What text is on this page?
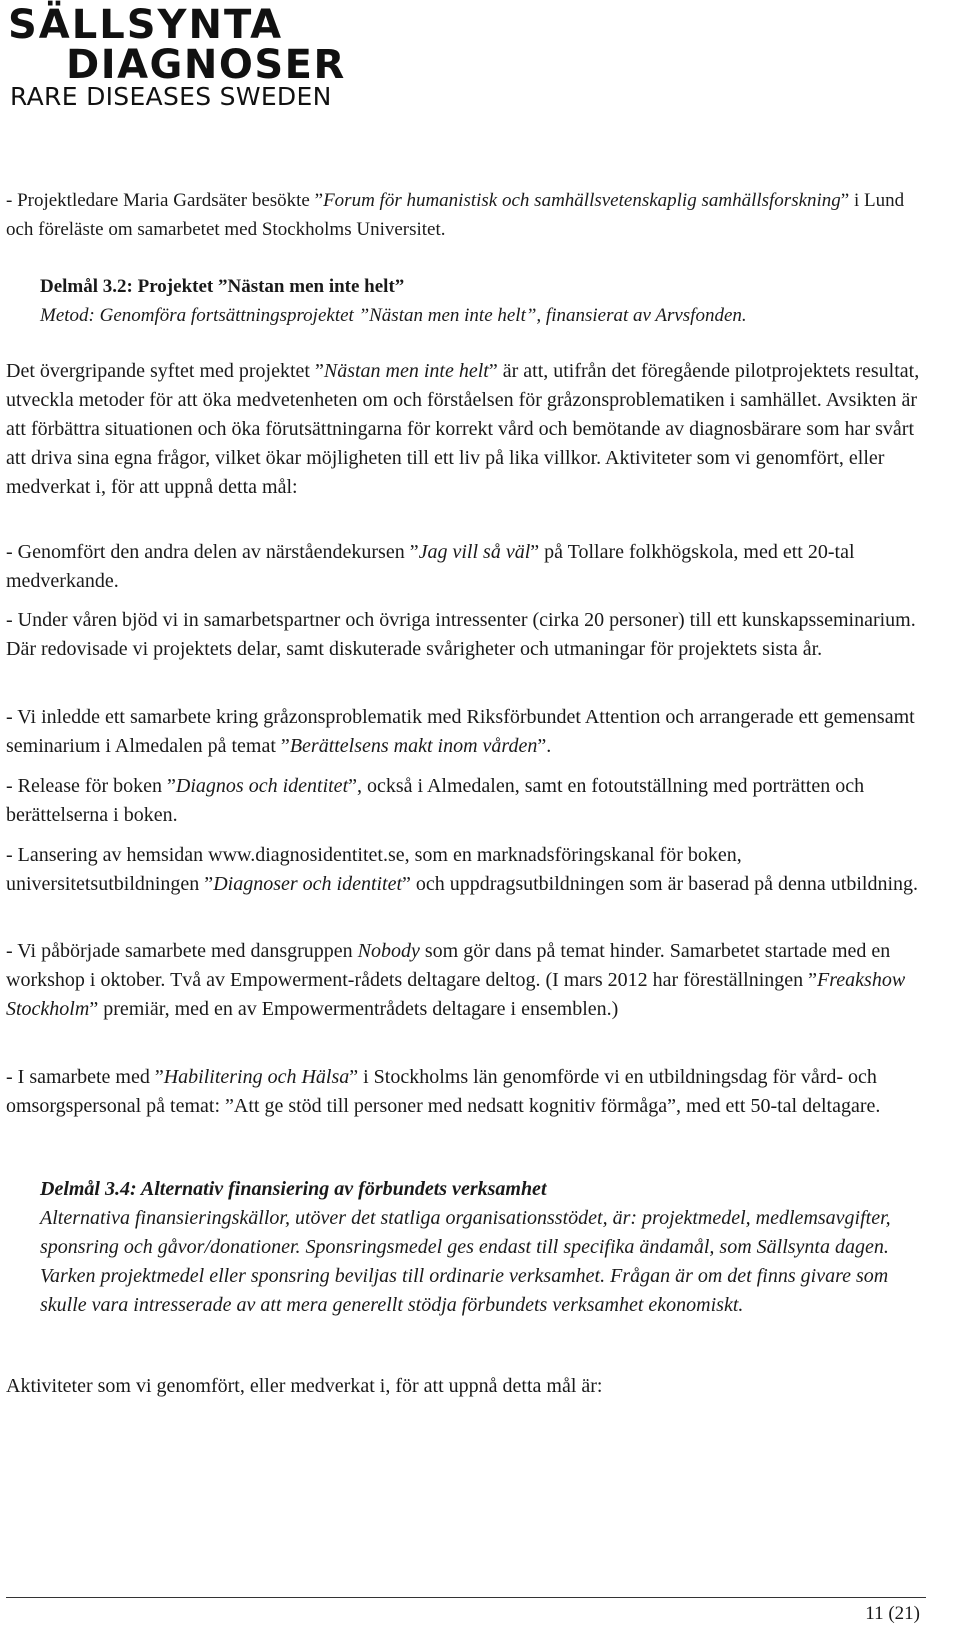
SÄLLSYNTA
DIAGNOSER
RARE DISEASES SWEDEN

- Projektledare Maria Gardsäter besökte ”Forum för humanistisk och samhällsvetenskaplig samhällsforskning” i Lund och föreläste om samarbetet med Stockholms Universitet.

Delmål 3.2: Projektet ”Nästan men inte helt”
Metod: Genomföra fortsättningsprojektet ”Nästan men inte helt”, finansierat av Arvsfonden.

Det övergripande syftet med projektet ”Nästan men inte helt” är att, utifrån det föregående pilotprojektets resultat, utveckla metoder för att öka medvetenheten om och förståelsen för gråzonsproblematiken i samhället. Avsikten är att förbättra situationen och öka förutsättningarna för korrekt vård och bemötande av diagnosbärare som har svårt att driva sina egna frågor, vilket ökar möjligheten till ett liv på lika villkor. Aktiviteter som vi genomfört, eller medverkat i, för att uppnå detta mål:

- Genomfört den andra delen av närståendekursen ”Jag vill så väl” på Tollare folkhögskola, med ett 20-tal medverkande.

- Under våren bjöd vi in samarbetspartner och övriga intressenter (cirka 20 personer) till ett kunskapsseminarium. Där redovisade vi projektets delar, samt diskuterade svårigheter och utmaningar för projektets sista år.

- Vi inledde ett samarbete kring gråzonsproblematik med Riksförbundet Attention och arrangerade ett gemensamt seminarium i Almedalen på temat ”Berättelsens makt inom vården”.

- Release för boken ”Diagnos och identitet”, också i Almedalen, samt en fotoutställning med porträtten och berättelserna i boken.

- Lansering av hemsidan www.diagnosidentitet.se, som en marknadsföringskanal för boken, universitetsutbildningen ”Diagnoser och identitet” och uppdragsutbildningen som är baserad på denna utbildning.

- Vi påbörjade samarbete med dansgruppen Nobody som gör dans på temat hinder. Samarbetet startade med en workshop i oktober. Två av Empowerment-rådets deltagare deltog. (I mars 2012 har föreställningen ”Freakshow Stockholm” premiär, med en av Empowermentrådets deltagare i ensemblen.)

- I samarbete med ”Habilitering och Hälsa” i Stockholms län genomförde vi en utbildningsdag för vård- och omsorgspersonal på temat: ”Att ge stöd till personer med nedsatt kognitiv förmåga”, med ett 50-tal deltagare.

Delmål 3.4: Alternativ finansiering av förbundets verksamhet
Alternativa finansieringskällor, utöver det statliga organisationsstödet, är: projektmedel, medlemsavgifter, sponsring och gåvor/donationer. Sponsringsmedel ges endast till specifika ändamål, som Sällsynta dagen. Varken projektmedel eller sponsring beviljas till ordinarie verksamhet. Frågan är om det finns givare som skulle vara intresserade av att mera generellt stödja förbundets verksamhet ekonomiskt.

Aktiviteter som vi genomfört, eller medverkat i, för att uppnå detta mål är:

11 (21)
